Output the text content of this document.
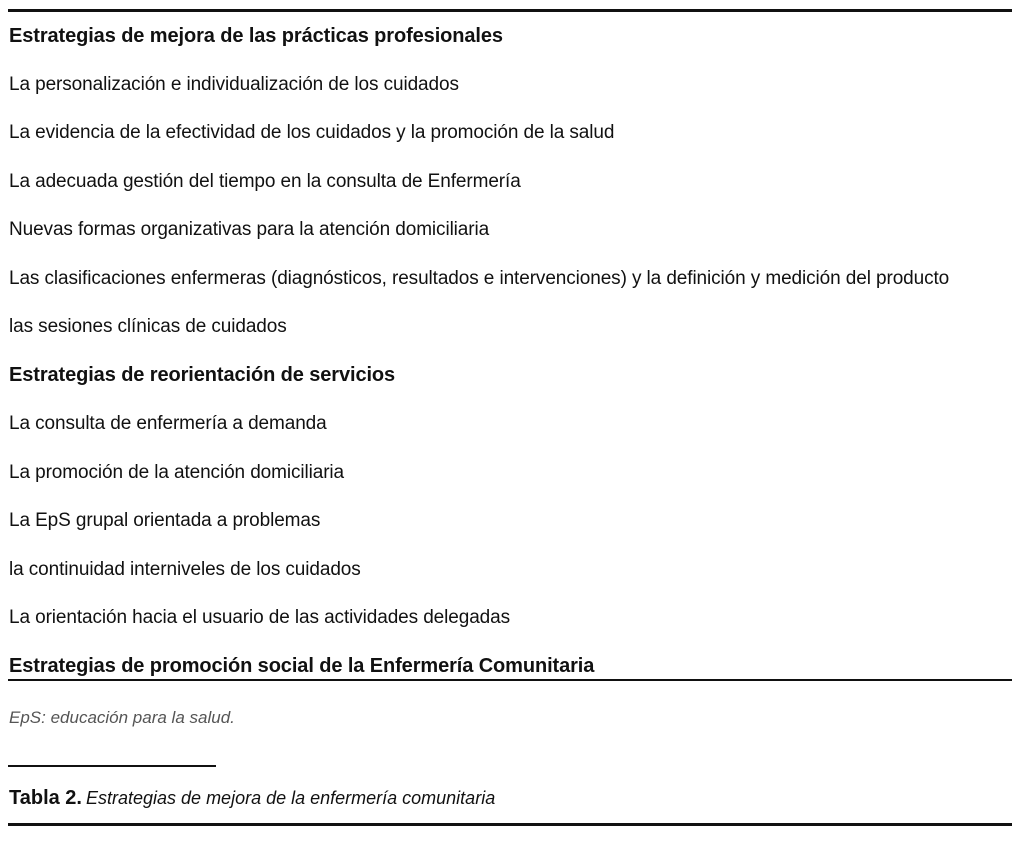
Estrategias de mejora de las prácticas profesionales
La personalización e individualización de los cuidados
La evidencia de la efectividad de los cuidados y la promoción de la salud
La adecuada gestión del tiempo en la consulta de Enfermería
Nuevas formas organizativas para la atención domiciliaria
Las clasificaciones enfermeras (diagnósticos, resultados e intervenciones) y la definición y medición del producto
las sesiones clínicas de cuidados
Estrategias de reorientación de servicios
La consulta de enfermería a demanda
La promoción de la atención domiciliaria
La EpS grupal orientada a problemas
la continuidad interniveles de los cuidados
La orientación hacia el usuario de las actividades delegadas
Estrategias de promoción social de la Enfermería Comunitaria
EpS: educación para la salud.
Tabla 2. Estrategias de mejora de la enfermería comunitaria
